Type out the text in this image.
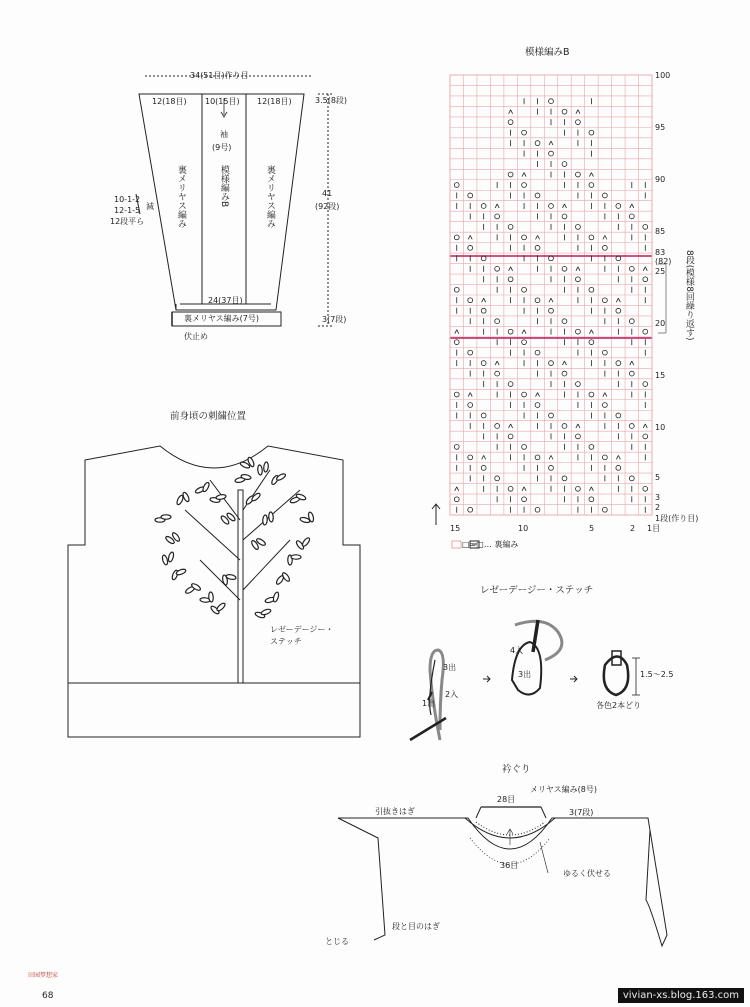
34(51目)作り目
12(18目) 10(15目) 12(18目)	3.5(8段)
41
(92段)
3(7段)
24(37目)
裏メリヤス編み(7号)
伏止め
10-1-2
12-1-5
12段平ら
減 裏メリヤス編み
袖
(9号)
模様編みB	裏メリヤス編み
模様編みB
100
95
90
85
83
(82)
25
20
15
10
5
3
2
1段(作り目)
15	10	5	2 1目
8段(模様8回繰り返す)
□=□… 裏編み
前身頃の刺繍位置
レゼーデージー・
ステッチ
レゼーデージー・ステッチ
3出
2入
1出
4入
3出	1.5〜2.5
各色2本どり
衿ぐり
メリヤス編み(8号)
28目
3(7段)
引抜きはぎ
36目
ゆるく伏せる
段と目のはぎ
とじる
田园梦想家
68	vivian-xs.blog.163.com
